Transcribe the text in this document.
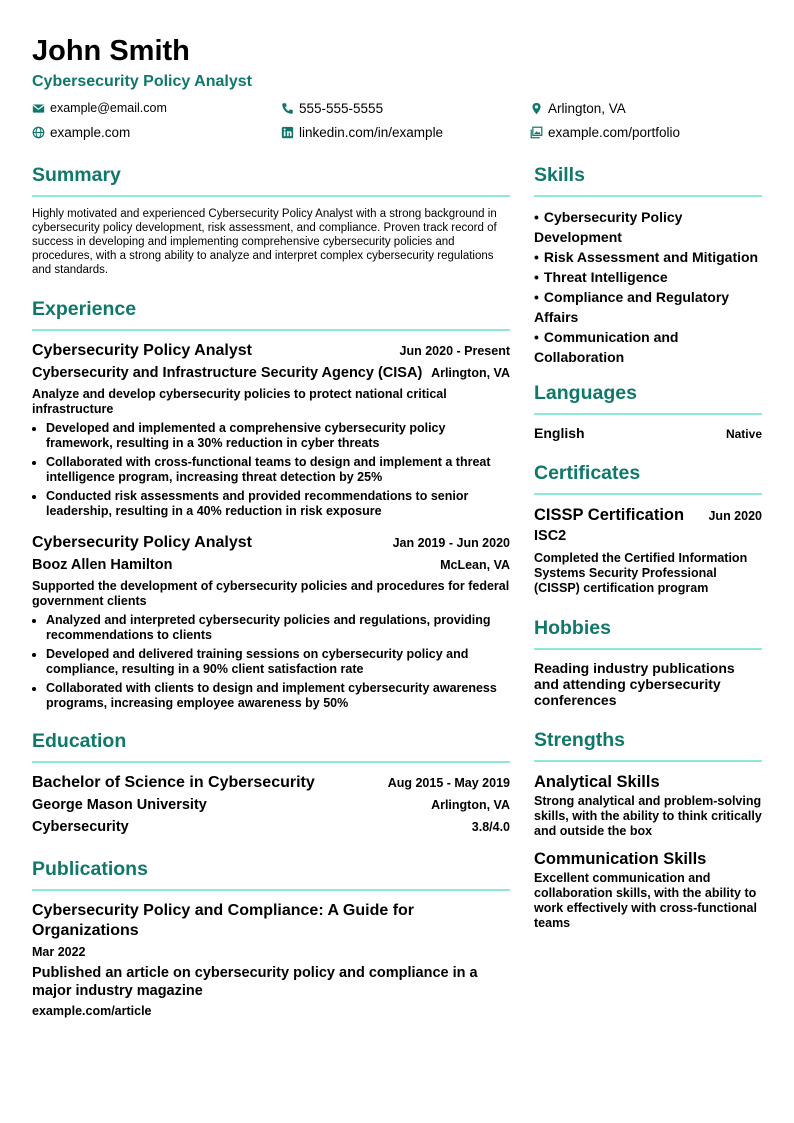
John Smith
Cybersecurity Policy Analyst
example@email.com	555-555-5555	Arlington, VA
example.com	linkedin.com/in/example	example.com/portfolio
Summary
Highly motivated and experienced Cybersecurity Policy Analyst with a strong background in cybersecurity policy development, risk assessment, and compliance. Proven track record of success in developing and implementing comprehensive cybersecurity policies and procedures, with a strong ability to analyze and interpret complex cybersecurity regulations and standards.
Experience
Cybersecurity Policy Analyst	Jun 2020 - Present
Cybersecurity and Infrastructure Security Agency (CISA) Arlington, VA
Analyze and develop cybersecurity policies to protect national critical infrastructure
• Developed and implemented a comprehensive cybersecurity policy framework, resulting in a 30% reduction in cyber threats
• Collaborated with cross-functional teams to design and implement a threat intelligence program, increasing threat detection by 25%
• Conducted risk assessments and provided recommendations to senior leadership, resulting in a 40% reduction in risk exposure
Cybersecurity Policy Analyst	Jan 2019 - Jun 2020
Booz Allen Hamilton	McLean, VA
Supported the development of cybersecurity policies and procedures for federal government clients
• Analyzed and interpreted cybersecurity policies and regulations, providing recommendations to clients
• Developed and delivered training sessions on cybersecurity policy and compliance, resulting in a 90% client satisfaction rate
• Collaborated with clients to design and implement cybersecurity awareness programs, increasing employee awareness by 50%
Education
Bachelor of Science in Cybersecurity	Aug 2015 - May 2019
George Mason University	Arlington, VA
Cybersecurity	3.8/4.0
Publications
Cybersecurity Policy and Compliance: A Guide for Organizations
Mar 2022
Published an article on cybersecurity policy and compliance in a major industry magazine
example.com/article
Skills
• Cybersecurity Policy Development
• Risk Assessment and Mitigation
• Threat Intelligence
• Compliance and Regulatory Affairs
• Communication and Collaboration
Languages
English	Native
Certificates
CISSP Certification Jun 2020
ISC2
Completed the Certified Information Systems Security Professional (CISSP) certification program
Hobbies
Reading industry publications and attending cybersecurity conferences
Strengths
Analytical Skills
Strong analytical and problem-solving skills, with the ability to think critically and outside the box
Communication Skills
Excellent communication and collaboration skills, with the ability to work effectively with cross-functional teams
